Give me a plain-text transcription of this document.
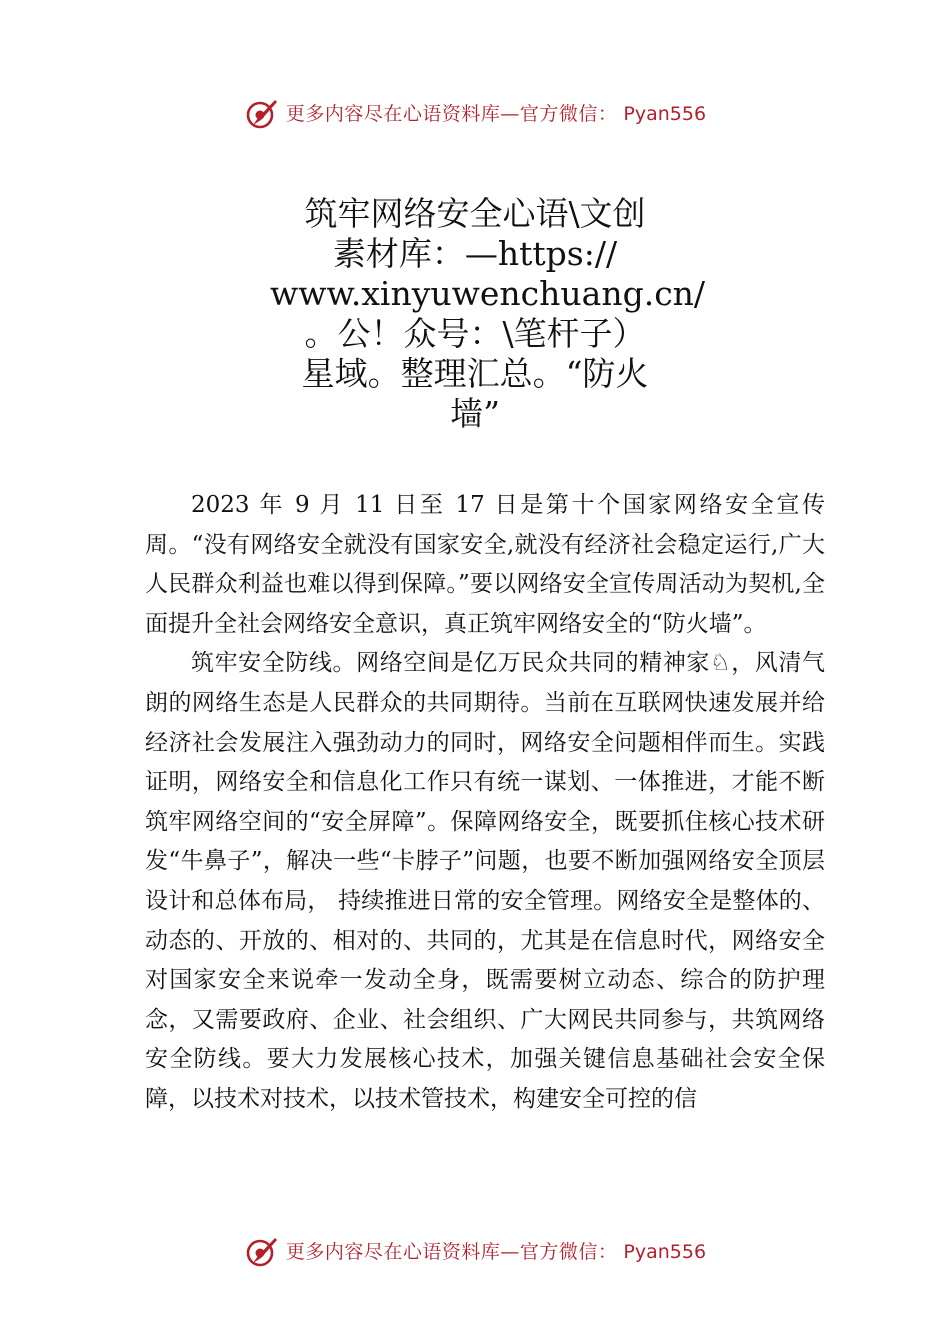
更多内容尽在心语资料库—官方微信： Pyan556
筑牢网络安全心语\文创
素材库：—https://
www.xinyuwenchuang.cn/
。公！众号：\笔杆子）
星域。整理汇总。“防火
墙”

2023 年 9 月 11 日至 17 日是第十个国家网络安全宣传周。“没有网络安全就没有国家安全,就没有经济社会稳定运行,广大人民群众利益也难以得到保障。”要以网络安全宣传周活动为契机,全面提升全社会网络安全意识，真正筑牢网络安全的“防火墙”。

筑牢安全防线。网络空间是亿万民众共同的精神家♘，风清气朗的网络生态是人民群众的共同期待。当前在互联网快速发展并给经济社会发展注入强劲动力的同时，网络安全问题相伴而生。实践证明，网络安全和信息化工作只有统一谋划、一体推进，才能不断筑牢网络空间的“安全屏障”。保障网络安全，既要抓住核心技术研发“牛鼻子”，解决一些“卡脖子”问题，也要不断加强网络安全顶层设计和总体布局， 持续推进日常的安全管理。网络安全是整体的、动态的、开放的、相对的、共同的，尤其是在信息时代，网络安全对国家安全来说牵一发动全身，既需要树立动态、综合的防护理念，又需要政府、企业、社会组织、广大网民共同参与，共筑网络安全防线。要大力发展核心技术，加强关键信息基础社会安全保障，以技术对技术，以技术管技术，构建安全可控的信

更多内容尽在心语资料库—官方微信： Pyan556
